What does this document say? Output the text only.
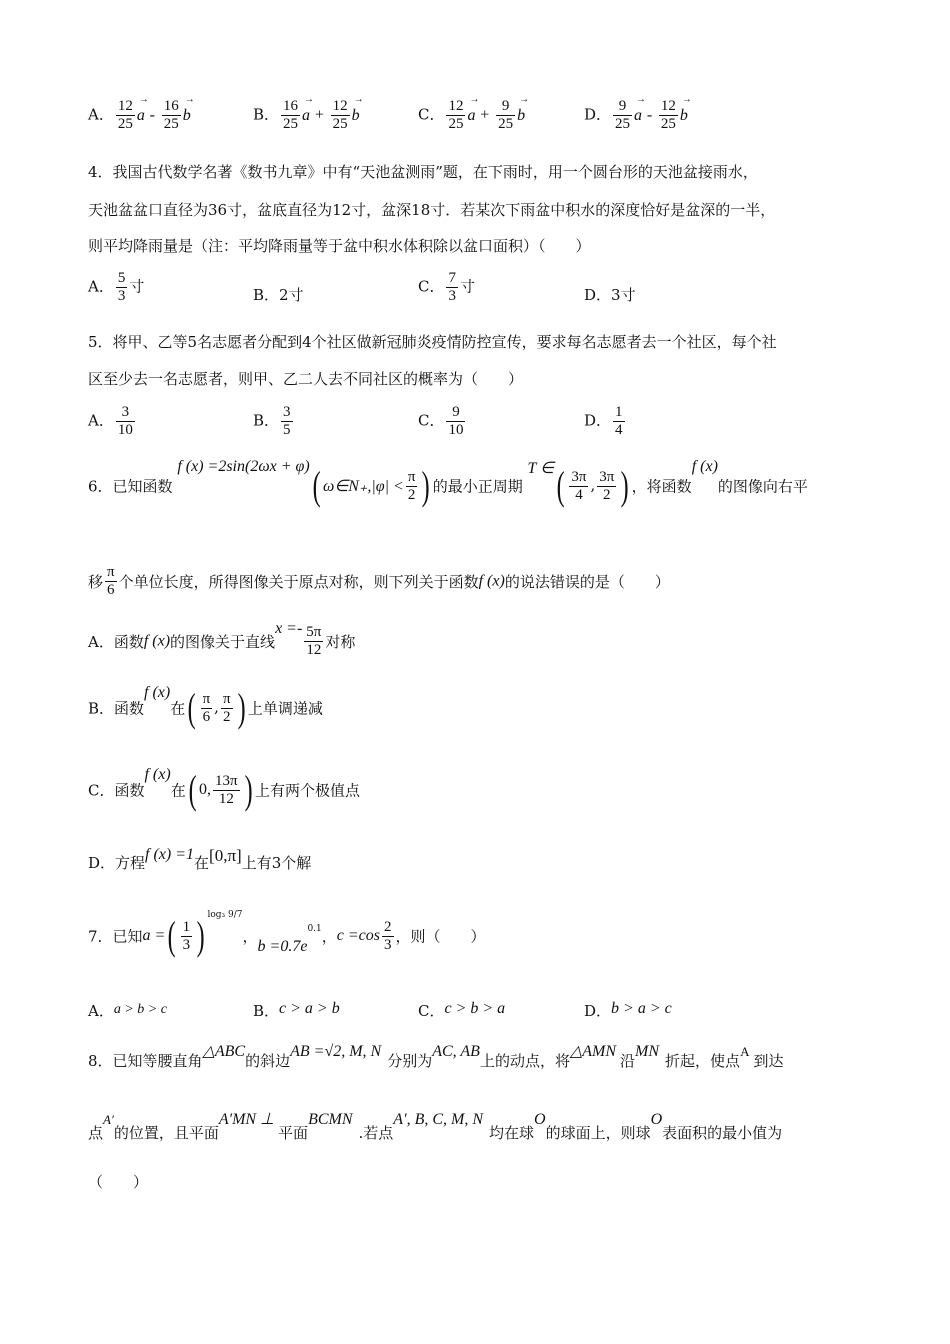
A． $\frac{12}{25}$ a → - $\frac{16}{25}$ b →	B． $\frac{16}{25}$ a → + $\frac{12}{25}$ b →	C． $\frac{12}{25}$ a → + $\frac{9}{25}$ b →	D． $\frac{9}{25}$ a → - $\frac{12}{25}$ b →
4．我国古代数学名著《数书九章》中有“天池盆测雨”题，在下雨时，用一个圆台形的天池盆接雨水，
天池盆盆口直径为36寸，盆底直径为12寸，盆深18寸．若某次下雨盆中积水的深度恰好是盆深的一半，
则平均降雨量是（注：平均降雨量等于盆中积水体积除以盆口面积）（　　）
A． $\frac{5}{3}$ 寸	B．2寸	C． $\frac{7}{3}$ 寸	D．3寸
5．将甲、乙等5名志愿者分配到4个社区做新冠肺炎疫情防控宣传，要求每名志愿者去一个社区，每个社
区至少去一名志愿者，则甲、乙二人去不同社区的概率为（　　）
A． $\frac{3}{10}$	B． $\frac{3}{5}$	C． $\frac{9}{10}$	D． $\frac{1}{4}$
6．已知函数 f (x) =2sin(2ωx + φ)( ω∈N₊,|φ| < $\frac{\pi}{2}$ ) 的最小正周期 T ∈( $\frac{3\pi}{4}$ , $\frac{3\pi}{2}$ ) ，将函数f (x)的图像向右平
移 $\frac{\pi}{6}$ 个单位长度，所得图像关于原点对称，则下列关于函数f (x)的说法错误的是（　　）
A．函数f (x)的图像关于直线$x =- \frac{5\pi}{12}$ 对称
B．函数f (x)在( $\frac{\pi}{6}$ , $\frac{\pi}{2}$ ) 上单调递减
C．函数f (x)在( 0, $\frac{13\pi}{12}$ ) 上有两个极值点
D．方程f (x) =1在[0,π]上有3个解
7．已知a =( $\frac{1}{3}$ ) $^{log_3 9/7}$，$b =0.7e^{0.1}$，$c =\cos \frac{2}{3}$ ，则（　　）
A．a > b > c	B．c > a > b	C．c > b > a	D．b > a > c
8．已知等腰直角△ABC的斜边AB =√2, M, N分别为AC, AB上的动点，将△AMN沿MN折起，使点A到达
点A′的位置，且平面A′MN ⊥平面BCMN.若点A′, B, C, M, N均在球O的球面上，则球O表面积的最小值为
（　　）
